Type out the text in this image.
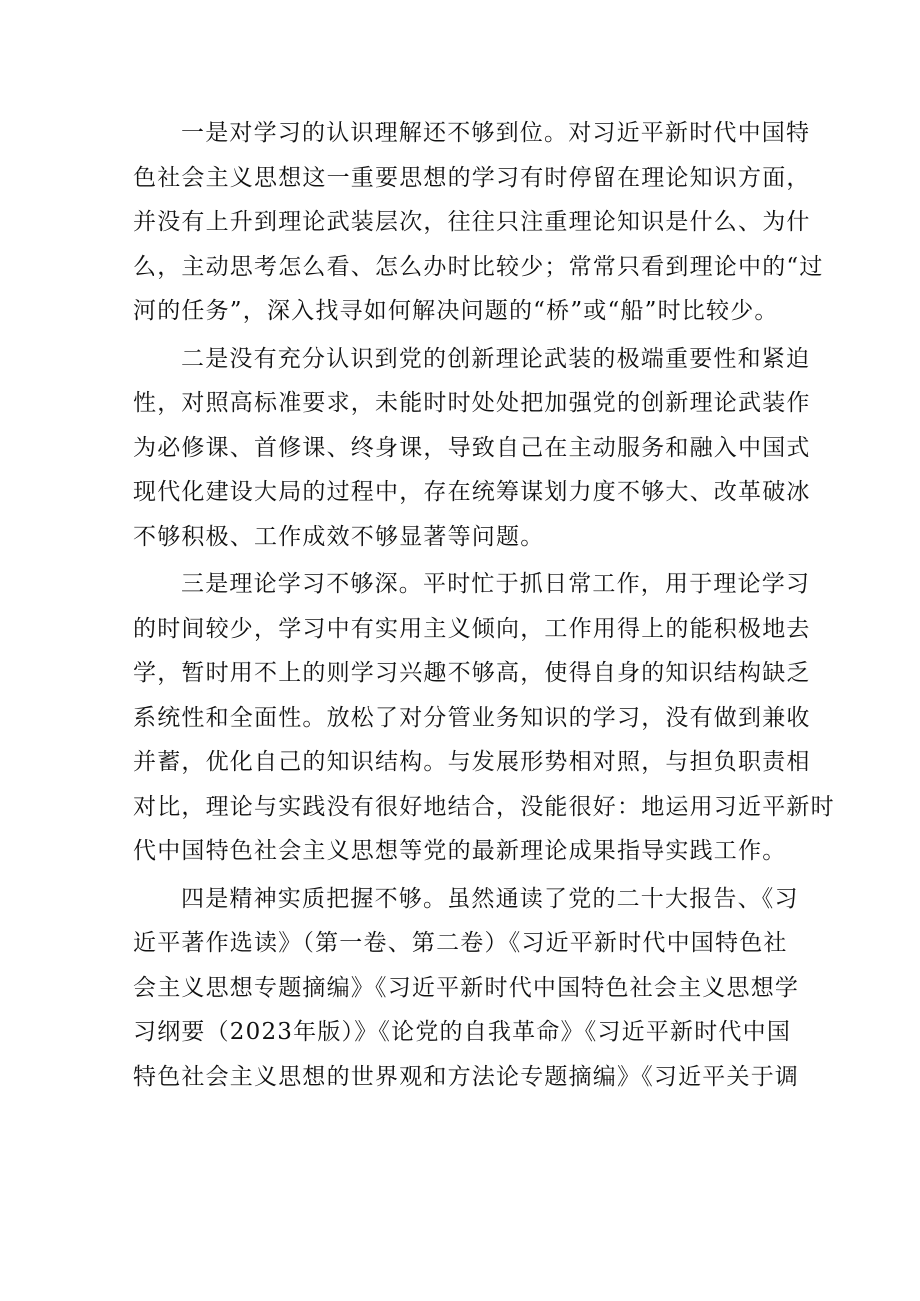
一是对学习的认识理解还不够到位。对习近平新时代中国特
色社会主义思想这一重要思想的学习有时停留在理论知识方面，
并没有上升到理论武装层次，往往只注重理论知识是什么、为什
么，主动思考怎么看、怎么办时比较少；常常只看到理论中的“过
河的任务”，深入找寻如何解决问题的“桥”或“船”时比较少。
二是没有充分认识到党的创新理论武装的极端重要性和紧迫
性，对照高标准要求，未能时时处处把加强党的创新理论武装作
为必修课、首修课、终身课，导致自己在主动服务和融入中国式
现代化建设大局的过程中，存在统筹谋划力度不够大、改革破冰
不够积极、工作成效不够显著等问题。
三是理论学习不够深。平时忙于抓日常工作，用于理论学习
的时间较少，学习中有实用主义倾向，工作用得上的能积极地去
学，暂时用不上的则学习兴趣不够高，使得自身的知识结构缺乏
系统性和全面性。放松了对分管业务知识的学习，没有做到兼收
并蓄，优化自己的知识结构。与发展形势相对照，与担负职责相
对比，理论与实践没有很好地结合，没能很好：地运用习近平新时
代中国特色社会主义思想等党的最新理论成果指导实践工作。
四是精神实质把握不够。虽然通读了党的二十大报告、《习
近平著作选读》（第一卷、第二卷）《习近平新时代中国特色社
会主义思想专题摘编》《习近平新时代中国特色社会主义思想学
习纲要（2023年版）》《论党的自我革命》《习近平新时代中国
特色社会主义思想的世界观和方法论专题摘编》《习近平关于调
